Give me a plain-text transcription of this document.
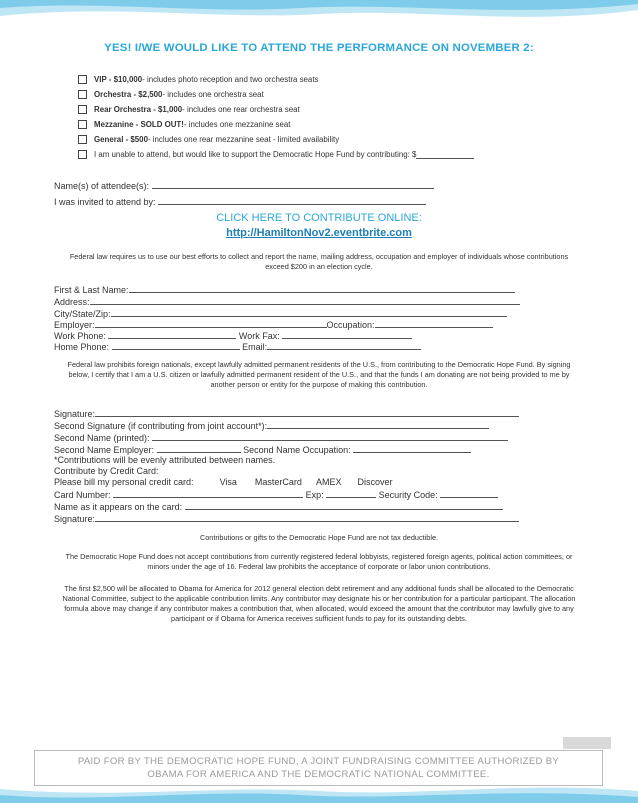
YES! I/WE WOULD LIKE TO ATTEND THE PERFORMANCE ON NOVEMBER 2:
VIP - $10,000 - includes photo reception and two orchestra seats
Orchestra - $2,500 - includes one orchestra seat
Rear Orchestra - $1,000 - includes one rear orchestra seat
Mezzanine - SOLD OUT! - includes one mezzanine seat
General - $500 - includes one rear mezzanine seat - limited availability
I am unable to attend, but would like to support the Democratic Hope Fund by contributing: $
Name(s) of attendee(s):
I was invited to attend by:
CLICK HERE TO CONTRIBUTE ONLINE:
http://HamiltonNov2.eventbrite.com
Federal law requires us to use our best efforts to collect and report the name, mailing address, occupation and employer of individuals whose contributions exceed $200 in an election cycle.
First & Last Name:
Address:
City/State/Zip:
Employer:	Occupation:
Work Phone:	Work Fax:
Home Phone:	Email:
Federal law prohibits foreign nationals, except lawfully admitted permanent residents of the U.S., from contributing to the Democratic Hope Fund. By signing below, I certify that I am a U.S. citizen or lawfully admitted permanent resident of the U.S., and that the funds I am donating are not being provided to me by another person or entity for the purpose of making this contribution.
Signature:
Second Signature (if contributing from joint account*):
Second Name (printed):
Second Name Employer:	Second Name Occupation:
*Contributions will be evenly attributed between names.
Contribute by Credit Card:
Please bill my personal credit card:	Visa MasterCard AMEX Discover
Card Number:	Exp:	Security Code:
Name as it appears on the card:
Signature:
Contributions or gifts to the Democratic Hope Fund are not tax deductible.
The Democratic Hope Fund does not accept contributions from currently registered federal lobbyists, registered foreign agents, political action committees, or minors under the age of 16. Federal law prohibits the acceptance of corporate or labor union contributions.
The first $2,500 will be allocated to Obama for America for 2012 general election debt retirement and any additional funds shall be allocated to the Democratic National Committee, subject to the applicable contribution limits. Any contributor may designate his or her contribution for a particular participant. The allocation formula above may change if any contributor makes a contribution that, when allocated, would exceed the amount that the contributor may lawfully give to any participant or if Obama for America receives sufficient funds to pay for its outstanding debts.
PAID FOR BY THE DEMOCRATIC HOPE FUND, A JOINT FUNDRAISING COMMITTEE AUTHORIZED BY
OBAMA FOR AMERICA AND THE DEMOCRATIC NATIONAL COMMITTEE.
